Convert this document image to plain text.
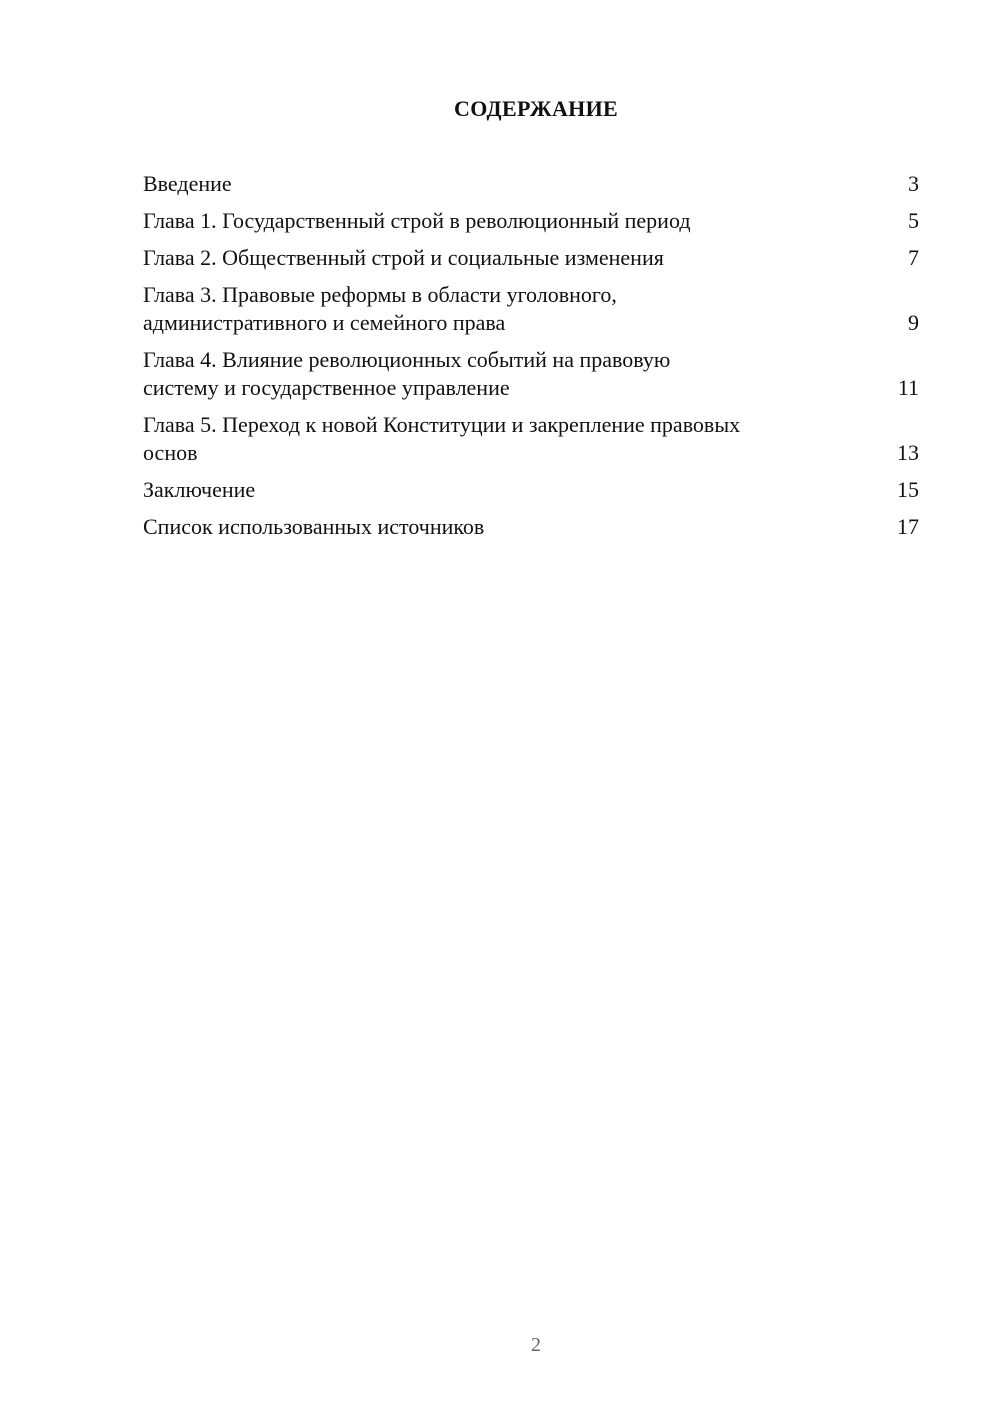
СОДЕРЖАНИЕ
Введение	3
Глава 1. Государственный строй в революционный период	5
Глава 2. Общественный строй и социальные изменения	7
Глава 3. Правовые реформы в области уголовного,
административного и семейного права	9
Глава 4. Влияние революционных событий на правовую
систему и государственное управление	11
Глава 5. Переход к новой Конституции и закрепление правовых
основ	13
Заключение	15
Список использованных источников	17
2
